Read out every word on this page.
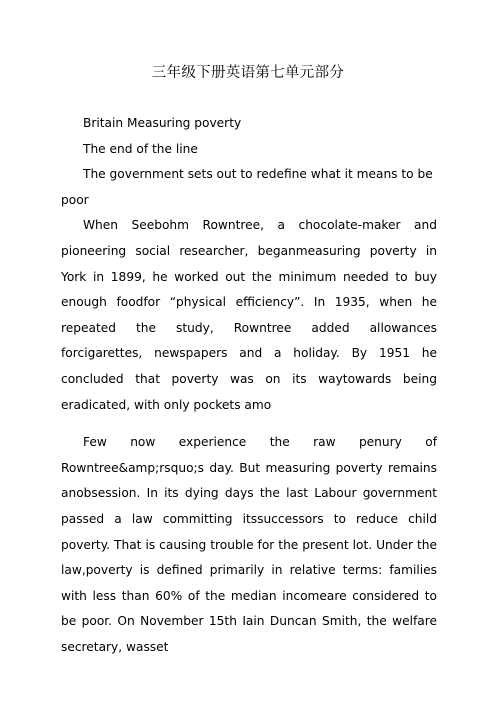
三年级下册英语第七单元部分

Britain Measuring poverty

The end of the line

The government sets out to redefine what it means to be poor

When Seebohm Rowntree, a chocolate-maker and pioneering social researcher, beganmeasuring poverty in York in 1899, he worked out the minimum needed to buy enough foodfor “physical efficiency”. In 1935, when he repeated the study, Rowntree added allowances forcigarettes, newspapers and a holiday. By 1951 he concluded that poverty was on its waytowards being eradicated, with only pockets amo

Few now experience the raw penury of Rowntree&amp;rsquo;s day. But measuring poverty remains anobsession. In its dying days the last Labour government passed a law committing itssuccessors to reduce child poverty. That is causing trouble for the present lot. Under the law,poverty is defined primarily in relative terms: families with less than 60% of the median incomeare considered to be poor. On November 15th Iain Duncan Smith, the welfare secretary, wasset
